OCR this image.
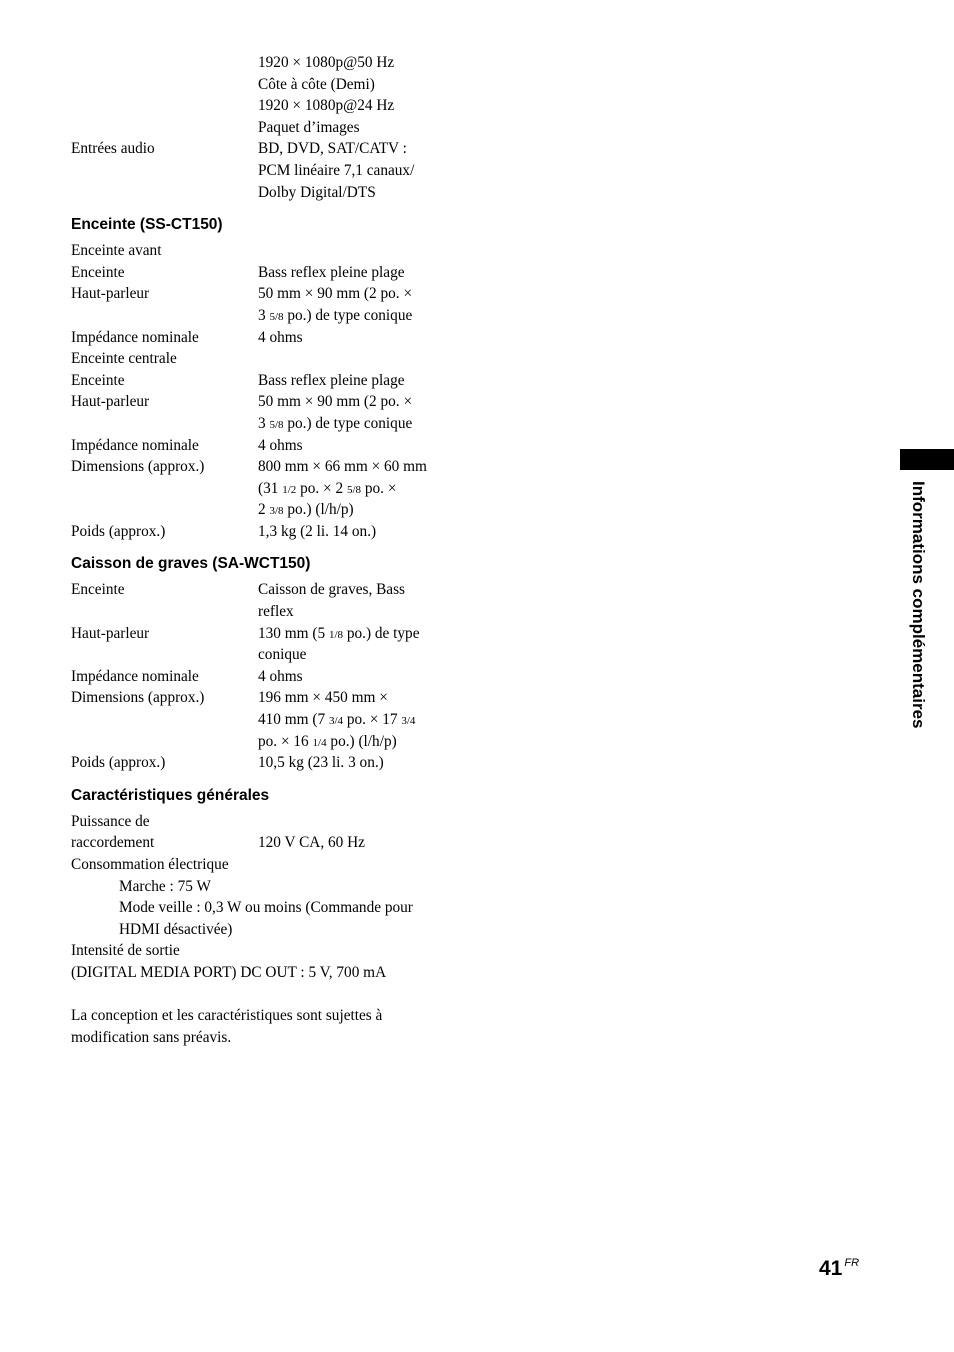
1920 × 1080p@50 Hz
Côte à côte (Demi)
1920 × 1080p@24 Hz
Paquet d’images
Entrées audio	BD, DVD, SAT/CATV :
PCM linéaire 7,1 canaux/
Dolby Digital/DTS
Enceinte (SS-CT150)
Enceinte avant
Enceinte	Bass reflex pleine plage
Haut-parleur	50 mm × 90 mm (2 po. ×
3 5/8 po.) de type conique
Impédance nominale	4 ohms
Enceinte centrale
Enceinte	Bass reflex pleine plage
Haut-parleur	50 mm × 90 mm (2 po. ×
3 5/8 po.) de type conique
Impédance nominale	4 ohms
Dimensions (approx.)	800 mm × 66 mm × 60 mm
(31 1/2 po. × 2 5/8 po. ×
2 3/8 po.) (l/h/p)
Poids (approx.)	1,3 kg (2 li. 14 on.)
Caisson de graves (SA-WCT150)
Enceinte	Caisson de graves, Bass
reflex
Haut-parleur	130 mm (5 1/8 po.) de type
conique
Impédance nominale	4 ohms
Dimensions (approx.)	196 mm × 450 mm ×
410 mm (7 3/4 po. × 17 3/4
po. × 16 1/4 po.) (l/h/p)
Poids (approx.)	10,5 kg (23 li. 3 on.)
Caractéristiques générales
Puissance de
raccordement	120 V CA, 60 Hz
Consommation électrique
Marche : 75 W
Mode veille : 0,3 W ou moins (Commande pour
HDMI désactivée)
Intensité de sortie
(DIGITAL MEDIA PORT) DC OUT : 5 V, 700 mA
La conception et les caractéristiques sont sujettes à
modification sans préavis.
Informations complémentaires
41 $^{FR}$
